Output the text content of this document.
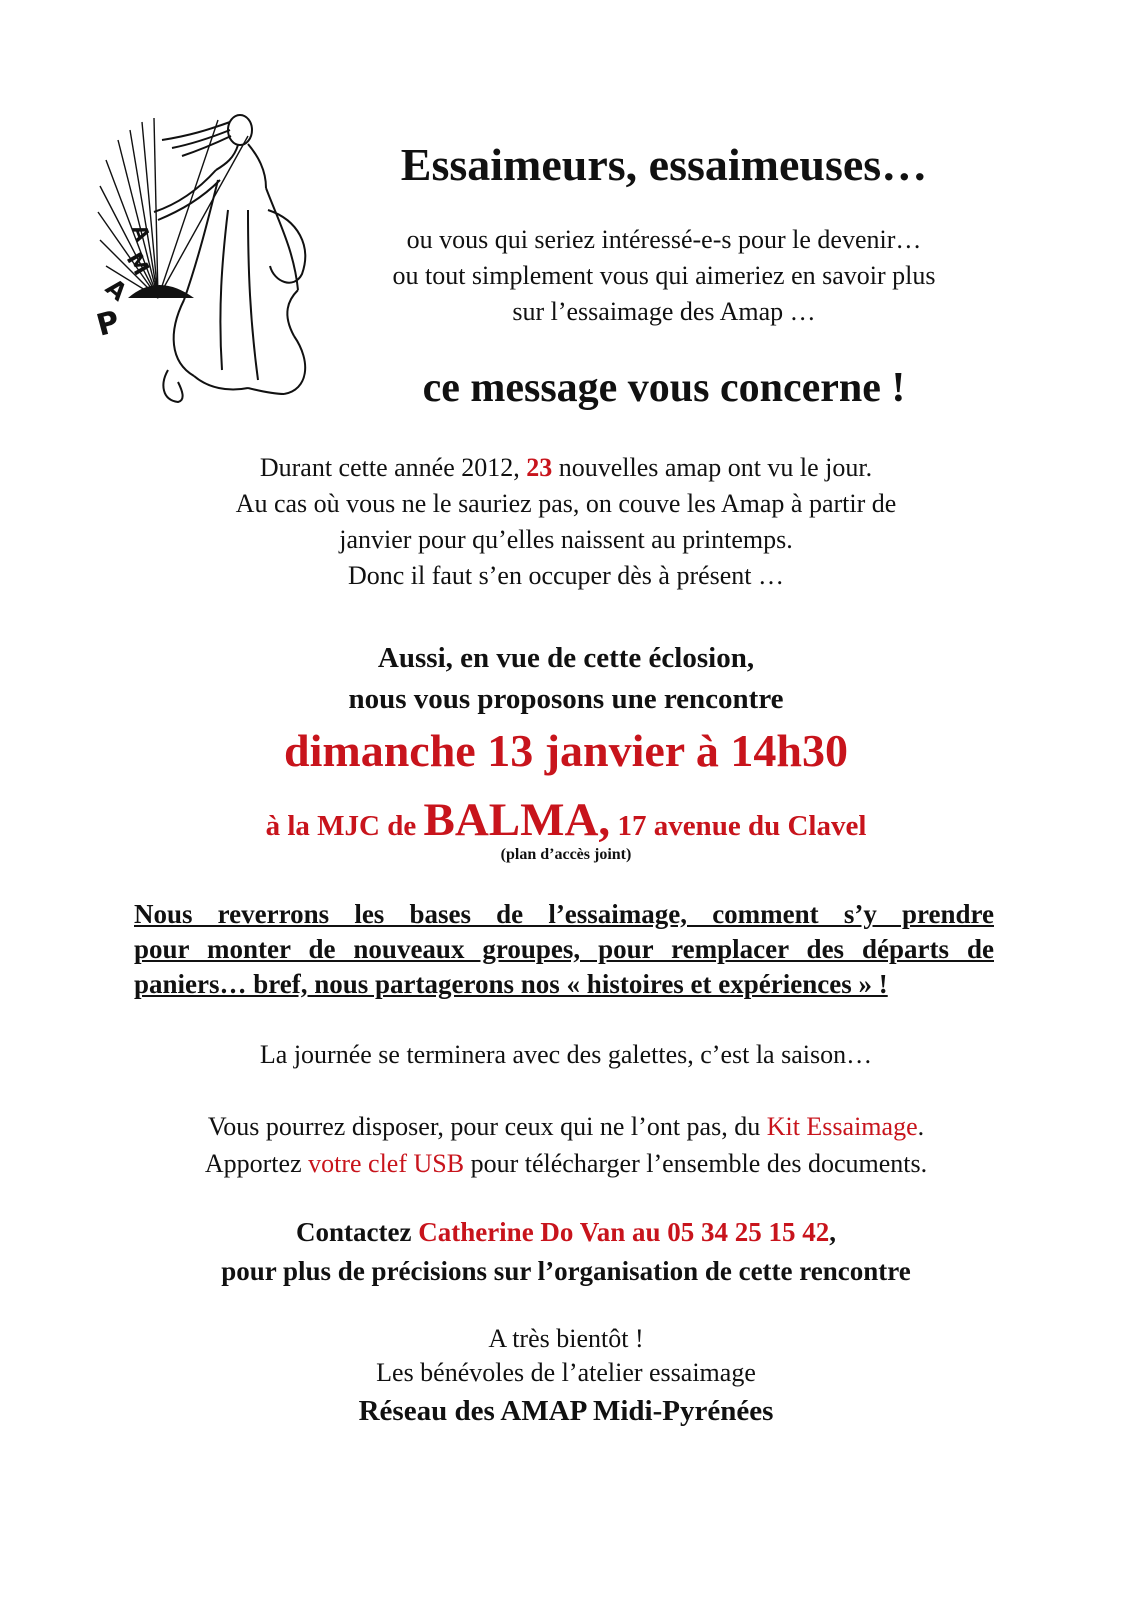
A
M
A
P
Essaimeurs, essaimeuses…
ou vous qui seriez intéressé-e-s pour le devenir…
ou tout simplement vous qui aimeriez en savoir plus
sur l’essaimage des Amap …
ce message vous concerne !
Durant cette année 2012, 23 nouvelles amap ont vu le jour.
Au cas où vous ne le sauriez pas, on couve les Amap à partir de
janvier pour qu’elles naissent au printemps.
Donc il faut s’en occuper dès à présent …
Aussi, en vue de cette éclosion,
nous vous proposons une rencontre
dimanche 13 janvier à 14h30
à la MJC de BALMA, 17 avenue du Clavel
(plan d’accès joint)
Nous reverrons les bases de l’essaimage, comment s’y prendre
pour monter de nouveaux groupes, pour remplacer des départs de
paniers… bref, nous partagerons nos « histoires et expériences » !
La journée se terminera avec des galettes, c’est la saison…
Vous pourrez disposer, pour ceux qui ne l’ont pas, du Kit Essaimage.
Apportez votre clef USB pour télécharger l’ensemble des documents.
Contactez Catherine Do Van au 05 34 25 15 42,
pour plus de précisions sur l’organisation de cette rencontre
A très bientôt !
Les bénévoles de l’atelier essaimage
Réseau des AMAP Midi-Pyrénées
